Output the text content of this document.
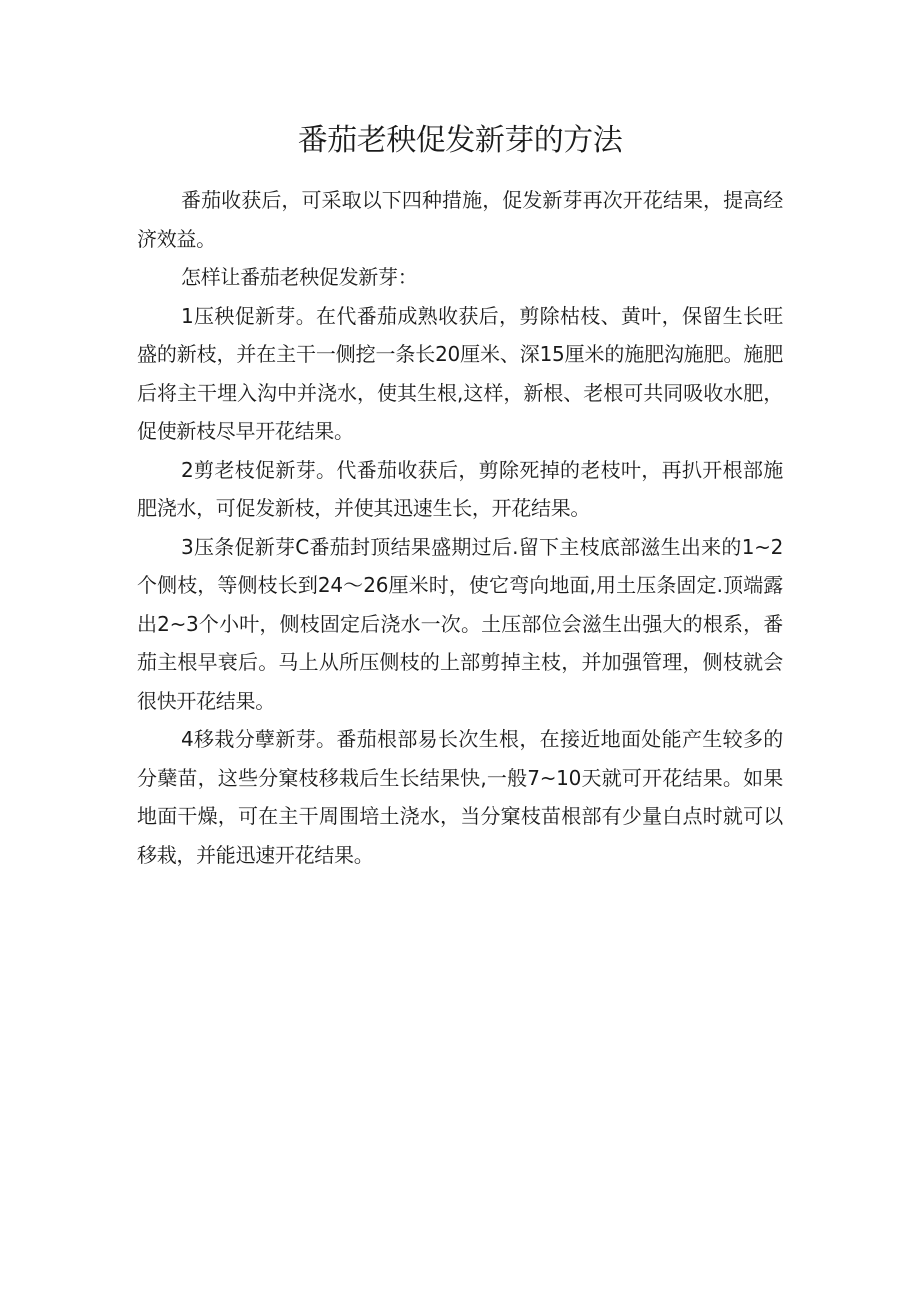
番茄老秧促发新芽的方法

番茄收获后，可采取以下四种措施，促发新芽再次开花结果，提高经济效益。

怎样让番茄老秧促发新芽：

1压秧促新芽。在代番茄成熟收获后，剪除枯枝、黄叶，保留生长旺盛的新枝，并在主干一侧挖一条长20厘米、深15厘米的施肥沟施肥。施肥后将主干埋入沟中并浇水，使其生根,这样，新根、老根可共同吸收水肥，促使新枝尽早开花结果。

2剪老枝促新芽。代番茄收获后，剪除死掉的老枝叶，再扒开根部施肥浇水，可促发新枝，并使其迅速生长，开花结果。

3压条促新芽C番茄封顶结果盛期过后.留下主枝底部滋生出来的1~2个侧枝，等侧枝长到24～26厘米时，使它弯向地面,用土压条固定.顶端露出2~3个小叶，侧枝固定后浇水一次。土压部位会滋生出强大的根系，番茄主根早衰后。马上从所压侧枝的上部剪掉主枝，并加强管理，侧枝就会很快开花结果。

4移栽分孽新芽。番茄根部易长次生根，在接近地面处能产生较多的分蘖苗，这些分窠枝移栽后生长结果快,一般7~10天就可开花结果。如果地面干燥，可在主干周围培土浇水，当分窠枝苗根部有少量白点时就可以移栽，并能迅速开花结果。
